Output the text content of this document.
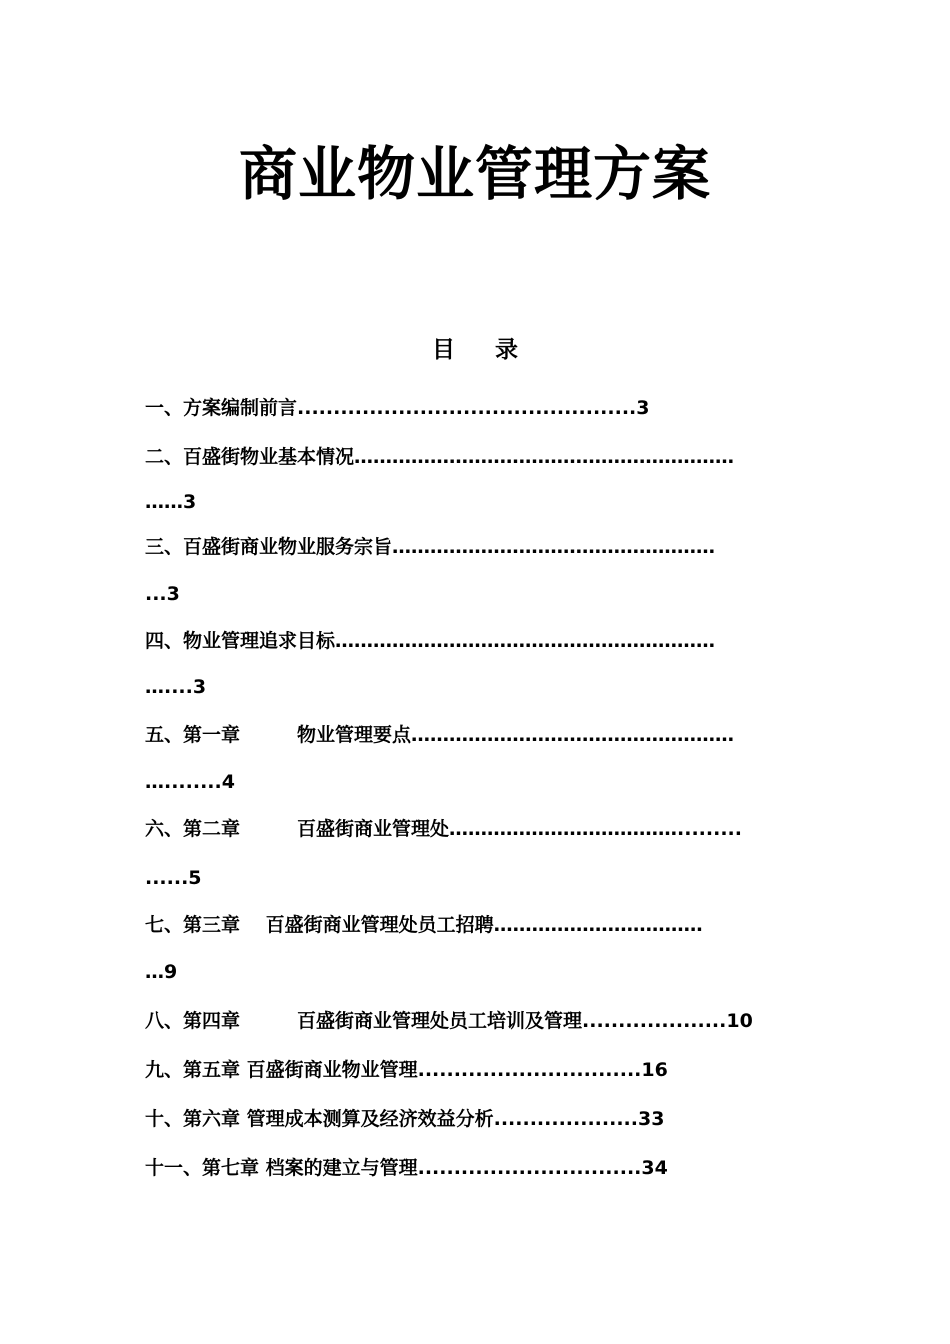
商业物业管理方案
目 录
一、方案编制前言...............................................3
二、百盛街物业基本情况……………………………………………………
……3
三、百盛街商业物业服务宗旨……………………………………………
...3
四、物业管理追求目标……………………………………………………
…....3
五、第一章　　　物业管理要点……………………………………………
…........4
六、第二章　　　百盛街商业管理处……………………………….........
......5
七、第三章　 百盛街商业管理处员工招聘……………………………
…9
八、第四章　　　百盛街商业管理处员工培训及管理....................10
九、第五章 百盛街商业物业管理...............................16
十、第六章 管理成本测算及经济效益分析....................33
十一、第七章 档案的建立与管理...............................34
